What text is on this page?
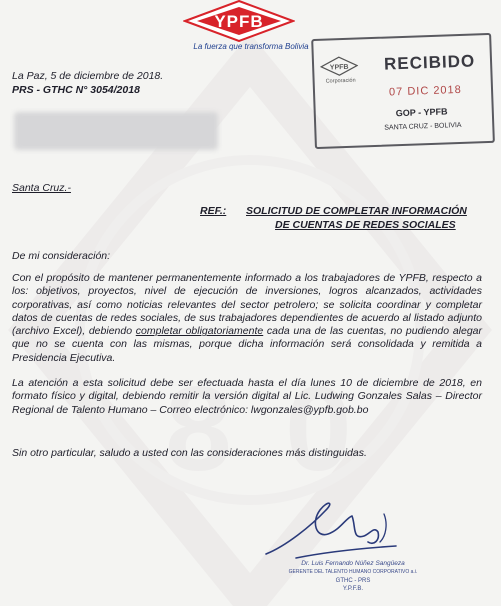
8 0
YPFB
La fuerza que transforma Bolivia
La Paz, 5 de diciembre de 2018.
PRS - GTHC N° 3054/2018
YPFB
Corporación
RECIBIDO
07 DIC 2018
GOP - YPFB
SANTA CRUZ - BOLIVIA
Santa Cruz.-
REF.: SOLICITUD DE COMPLETAR INFORMACIÓN
DE CUENTAS DE REDES SOCIALES
De mi consideración:
Con el propósito de mantener permanentemente informado a los trabajadores de YPFB, respecto a los: objetivos, proyectos, nivel de ejecución de inversiones, logros alcanzados, actividades corporativas, así como noticias relevantes del sector petrolero; se solicita coordinar y completar datos de cuentas de redes sociales, de sus trabajadores dependientes de acuerdo al listado adjunto (archivo Excel), debiendo completar obligatoriamente cada una de las cuentas, no pudiendo alegar que no se cuenta con las mismas, porque dicha información será consolidada y remitida a Presidencia Ejecutiva.
La atención a esta solicitud debe ser efectuada hasta el día lunes 10 de diciembre de 2018, en formato físico y digital, debiendo remitir la versión digital al Lic. Ludwing Gonzales Salas – Director Regional de Talento Humano – Correo electrónico: lwgonzales@ypfb.gob.bo
Sin otro particular, saludo a usted con las consideraciones más distinguidas.
Dr. Luis Fernando Núñez Sangüeza
GERENTE DEL TALENTO HUMANO CORPORATIVO a.i.
GTHC - PRS
Y.P.F.B.
